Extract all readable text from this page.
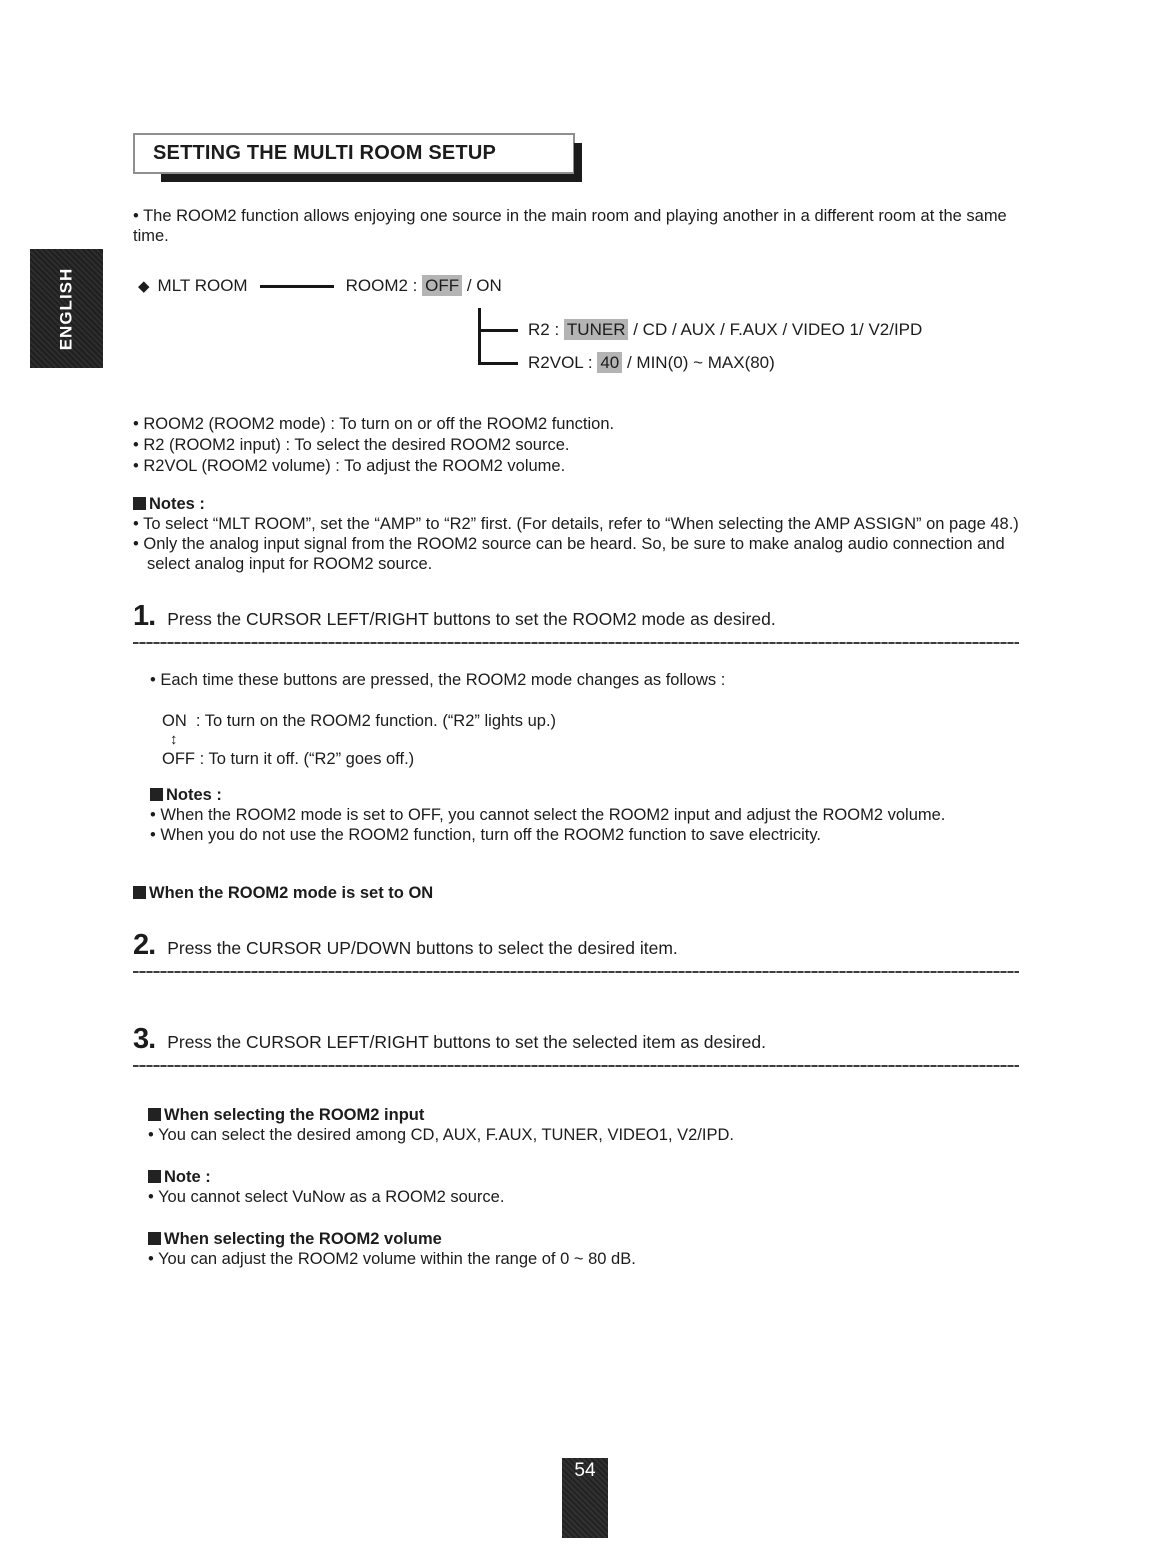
ENGLISH
SETTING THE MULTI ROOM SETUP
• The ROOM2 function allows enjoying one source in the main room and playing another in a different room at the same time.
◆ MLT ROOM	ROOM2 : OFF / ON
R2 : TUNER / CD / AUX / F.AUX / VIDEO 1/ V2/IPD
R2VOL : 40 / MIN(0) ~ MAX(80)
• ROOM2 (ROOM2 mode) : To turn on or off the ROOM2 function.
• R2 (ROOM2 input) : To select the desired ROOM2 source.
• R2VOL (ROOM2 volume) : To adjust the ROOM2 volume.
Notes :
• To select “MLT ROOM”, set the “AMP” to “R2” first. (For details, refer to “When selecting the AMP ASSIGN” on page 48.)
• Only the analog input signal from the ROOM2 source can be heard. So, be sure to make analog audio connection and select analog input for ROOM2 source.
1. Press the CURSOR LEFT/RIGHT buttons to set the ROOM2 mode as desired.
• Each time these buttons are pressed, the ROOM2 mode changes as follows :
ON  : To turn on the ROOM2 function. (“R2” lights up.)
↕
OFF : To turn it off. (“R2” goes off.)
Notes :
• When the ROOM2 mode is set to OFF, you cannot select the ROOM2 input and adjust the ROOM2 volume.
• When you do not use the ROOM2 function, turn off the ROOM2 function to save electricity.
When the ROOM2 mode is set to ON
2. Press the CURSOR UP/DOWN buttons to select the desired item.
3. Press the CURSOR LEFT/RIGHT buttons to set the selected item as desired.
When selecting the ROOM2 input
• You can select the desired among CD, AUX, F.AUX, TUNER, VIDEO1, V2/IPD.
Note :
• You cannot select VuNow as a ROOM2 source.
When selecting the ROOM2 volume
• You can adjust the ROOM2 volume within the range of 0 ~ 80 dB.
54
